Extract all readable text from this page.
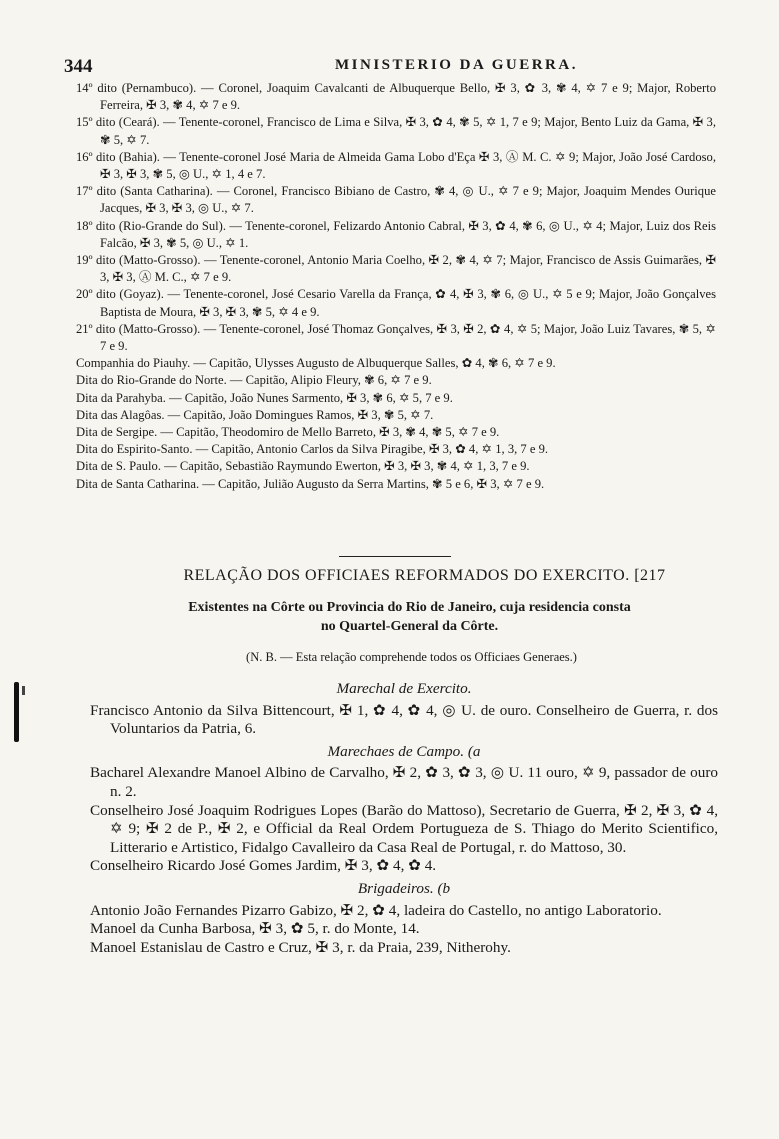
344	MINISTERIO DA GUERRA.

14º dito (Pernambuco). — Coronel, Joaquim Cavalcanti de Albuquerque Bello, ✠ 3, ✿ 3, ✾ 4, ✡ 7 e 9; Major, Roberto Ferreira, ✠ 3, ✾ 4, ✡ 7 e 9.

15º dito (Ceará). — Tenente-coronel, Francisco de Lima e Silva, ✠ 3, ✿ 4, ✾ 5, ✡ 1, 7 e 9; Major, Bento Luiz da Gama, ✠ 3, ✾ 5, ✡ 7.

16º dito (Bahia). — Tenente-coronel José Maria de Almeida Gama Lobo d'Eça ✠ 3, Ⓐ M. C. ✡ 9; Major, João José Cardoso, ✠ 3, ✠ 3, ✾ 5, ◎ U., ✡ 1, 4 e 7.

17º dito (Santa Catharina). — Coronel, Francisco Bibiano de Castro, ✾ 4, ◎ U., ✡ 7 e 9; Major, Joaquim Mendes Ourique Jacques, ✠ 3, ✠ 3, ◎ U., ✡ 7.

18º dito (Rio-Grande do Sul). — Tenente-coronel, Felizardo Antonio Cabral, ✠ 3, ✿ 4, ✾ 6, ◎ U., ✡ 4; Major, Luiz dos Reis Falcão, ✠ 3, ✾ 5, ◎ U., ✡ 1.

19º dito (Matto-Grosso). — Tenente-coronel, Antonio Maria Coelho, ✠ 2, ✾ 4, ✡ 7; Major, Francisco de Assis Guimarães, ✠ 3, ✠ 3, Ⓐ M. C., ✡ 7 e 9.

20º dito (Goyaz). — Tenente-coronel, José Cesario Varella da França, ✿ 4, ✠ 3, ✾ 6, ◎ U., ✡ 5 e 9; Major, João Gonçalves Baptista de Moura, ✠ 3, ✠ 3, ✾ 5, ✡ 4 e 9.

21º dito (Matto-Grosso). — Tenente-coronel, José Thomaz Gonçalves, ✠ 3, ✠ 2, ✿ 4, ✡ 5; Major, João Luiz Tavares, ✾ 5, ✡ 7 e 9.

Companhia do Piauhy. — Capitão, Ulysses Augusto de Albuquerque Salles, ✿ 4, ✾ 6, ✡ 7 e 9.

Dita do Rio-Grande do Norte. — Capitão, Alipio Fleury, ✾ 6, ✡ 7 e 9.

Dita da Parahyba. — Capitão, João Nunes Sarmento, ✠ 3, ✾ 6, ✡ 5, 7 e 9.

Dita das Alagôas. — Capitão, João Domingues Ramos, ✠ 3, ✾ 5, ✡ 7.

Dita de Sergipe. — Capitão, Theodomiro de Mello Barreto, ✠ 3, ✾ 4, ✾ 5, ✡ 7 e 9.

Dita do Espirito-Santo. — Capitão, Antonio Carlos da Silva Piragibe, ✠ 3, ✿ 4, ✡ 1, 3, 7 e 9.

Dita de S. Paulo. — Capitão, Sebastião Raymundo Ewerton, ✠ 3, ✠ 3, ✾ 4, ✡ 1, 3, 7 e 9.

Dita de Santa Catharina. — Capitão, Julião Augusto da Serra Martins, ✾ 5 e 6, ✠ 3, ✡ 7 e 9.

RELAÇÃO DOS OFFICIAES REFORMADOS DO EXERCITO. [217
Existentes na Côrte ou Provincia do Rio de Janeiro, cuja residencia consta
no Quartel-General da Côrte.
(N. B. — Esta relação comprehende todos os Officiaes Generaes.)
Marechal de Exercito.

Francisco Antonio da Silva Bittencourt, ✠ 1, ✿ 4, ✿ 4, ◎ U. de ouro. Conselheiro de Guerra, r. dos Voluntarios da Patria, 6.

Marechaes de Campo. (a

Bacharel Alexandre Manoel Albino de Carvalho, ✠ 2, ✿ 3, ✿ 3, ◎ U. 11 ouro, ✡ 9, passador de ouro n. 2.

Conselheiro José Joaquim Rodrigues Lopes (Barão do Mattoso), Secretario de Guerra, ✠ 2, ✠ 3, ✿ 4, ✡ 9; ✠ 2 de P., ✠ 2, e Official da Real Ordem Portugueza de S. Thiago do Merito Scientifico, Litterario e Artistico, Fidalgo Cavalleiro da Casa Real de Portugal, r. do Mattoso, 30.

Conselheiro Ricardo José Gomes Jardim, ✠ 3, ✿ 4, ✿ 4.

Brigadeiros. (b

Antonio João Fernandes Pizarro Gabizo, ✠ 2, ✿ 4, ladeira do Castello, no antigo Laboratorio.

Manoel da Cunha Barbosa, ✠ 3, ✿ 5, r. do Monte, 14.

Manoel Estanislau de Castro e Cruz, ✠ 3, r. da Praia, 239, Nitherohy.
